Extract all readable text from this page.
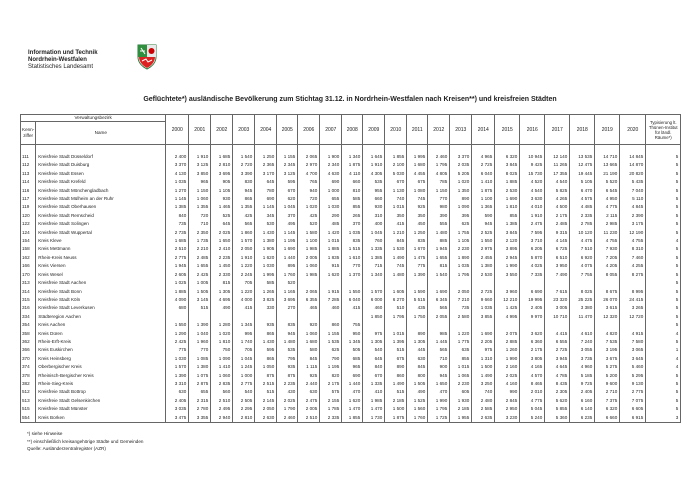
Information und Technik
Nordrhein-Westfalen
Statistisches Landesamt
Geflüchtete*) ausländische Bevölkerung zum Stichtag 31.12. in Nordrhein-Westfalen nach Kreisen**) und kreisfreien Städten
Verwaltungsbezirk		2000	2001	2002	2003	2004	2005	2006	2007	2008	2009	2010	2011	2012	2013	2014	2015	2016	2017	2018	2019	2020	Typisierung lt. Thünen-Institut für ländl. Räume*)
Kenn-
ziffer	Name																						

111	Kreisfreie Stadt Düsseldorf	2 400	1 910	1 685	1 540	1 250	1 155	2 065	1 900	1 340	1 645	1 855	1 995	2 460	3 370	4 965	6 320	10 945	12 140	13 535	14 710	14 845	5
112	Kreisfreie Stadt Duisburg	3 370	3 125	2 810	2 720	2 365	2 345	2 970	2 340	1 875	1 910	2 100	1 680	1 795	2 035	2 725	3 845	9 425	11 265	12 475	13 665	14 870	5
113	Kreisfreie Stadt Essen	4 130	3 850	3 695	3 390	3 170	3 125	4 700	4 630	4 110	4 305	5 030	4 455	4 805	5 205	6 040	8 025	15 730	17 355	19 445	21 190	20 820	5
114	Kreisfreie Stadt Krefeld	1 035	965	905	830	645	595	765	690	660	535	670	675	785	1 020	1 410	1 885	4 520	4 540	5 105	5 520	5 435	5
116	Kreisfreie Stadt Mönchengladbach	1 270	1 150	1 105	945	780	670	940	1 000	810	955	1 130	1 080	1 150	1 350	1 875	2 530	4 540	5 825	6 470	6 545	7 040	5
117	Kreisfreie Stadt Mülheim an der Ruhr	1 145	1 060	930	865	690	620	720	655	585	660	740	745	770	890	1 100	1 690	3 630	4 265	4 575	4 950	5 110	5
119	Kreisfreie Stadt Oberhausen	1 385	1 355	1 465	1 355	1 145	1 045	1 020	1 030	855	930	1 015	925	980	1 090	1 365	1 810	4 010	4 500	4 485	4 775	4 845	5
120	Kreisfreie Stadt Remscheid	840	720	525	425	345	370	425	290	265	310	350	350	390	395	590	855	1 910	2 175	2 335	2 115	2 390	5
122	Kreisfreie Stadt Solingen	735	710	645	565	530	495	520	485	370	400	415	450	555	625	945	1 385	2 475	2 485	2 785	2 985	3 175	5
124	Kreisfreie Stadt Wuppertal	2 735	2 350	2 025	1 860	1 430	1 145	1 580	1 420	1 035	1 045	1 210	1 250	1 480	1 755	2 525	3 845	7 595	9 315	10 120	11 230	12 190	5
154	Kreis Kleve	1 685	1 735	1 650	1 570	1 380	1 195	1 100	1 015	835	760	845	835	885	1 105	1 550	2 120	3 710	4 145	4 475	4 755	4 755	4
158	Kreis Mettmann	2 510	2 210	2 410	2 050	1 905	1 690	1 985	1 885	1 515	1 335	1 530	1 670	1 945	2 230	2 975	3 895	6 205	6 725	7 510	7 930	8 310	5
162	Rhein-Kreis Neuss	2 775	2 485	2 235	1 910	1 620	1 440	2 005	1 835	1 610	1 385	1 490	1 475	1 655	1 890	2 455	2 945	5 870	6 510	6 920	7 205	7 460	5
166	Kreis Viersen	1 945	1 655	1 450	1 220	1 030	895	1 060	915	770	715	745	775	815	1 035	1 380	1 990	4 025	3 950	4 075	4 205	4 255	5
170	Kreis Wesel	2 605	2 425	2 330	2 245	1 995	1 760	1 985	1 620	1 370	1 340	1 480	1 390	1 540	1 795	2 530	3 550	7 335	7 490	7 755	8 055	8 275	5
313	Kreisfreie Stadt Aachen	1 025	1 005	815	705	585	520																5
314	Kreisfreie Stadt Bonn	1 885	1 505	1 305	1 220	1 265	1 165	2 065	1 915	1 550	1 570	1 605	1 590	1 690	2 050	2 725	3 960	6 690	7 615	8 025	8 675	8 995	5
315	Kreisfreie Stadt Köln	4 090	3 145	4 695	4 000	3 825	3 695	6 355	7 285	6 040	6 000	6 270	5 515	6 345	7 210	9 660	12 210	19 995	23 320	25 225	26 070	24 415	5
316	Kreisfreie Stadt Leverkusen	680	515	490	415	330	270	465	460	415	460	510	435	565	735	1 035	1 425	2 405	3 005	3 380	3 615	3 265	5
334	Städteregion Aachen										1 850	1 795	1 750	2 055	2 580	3 855	4 995	9 970	10 710	11 470	12 320	12 720	5
354	Kreis Aachen	1 550	1 390	1 280	1 345	935	835	920	860	755													5
358	Kreis Düren	1 290	1 040	1 020	995	865	945	1 060	1 155	950	975	1 015	890	985	1 220	1 690	2 075	3 620	4 415	4 610	4 820	4 915	4
362	Rhein-Erft-Kreis	2 425	1 960	1 810	1 740	1 430	1 480	1 680	1 535	1 345	1 305	1 395	1 305	1 445	1 775	2 205	2 885	6 360	6 555	7 240	7 535	7 580	5
366	Kreis Euskirchen	775	770	750	705	595	535	580	625	505	540	515	445	565	635	975	1 260	2 175	2 725	3 055	3 195	3 065	1
370	Kreis Heinsberg	1 030	1 085	1 090	1 045	865	795	845	790	685	645	675	630	710	855	1 310	1 990	3 805	3 945	3 735	3 675	3 645	4
374	Oberbergischer Kreis	1 570	1 380	1 410	1 245	1 050	935	1 115	1 195	965	840	890	845	900	1 015	1 500	2 160	4 165	4 645	4 960	5 275	5 460	4
378	Rheinisch-Bergischer Kreis	1 390	1 075	1 060	1 000	875	875	925	820	690	670	860	800	945	1 065	1 490	2 025	4 570	4 785	5 185	5 200	5 295	5
382	Rhein-Sieg-Kreis	3 310	2 875	2 835	2 775	2 515	2 235	2 440	2 175	1 440	1 335	1 490	1 505	1 650	2 230	3 250	4 160	8 465	8 435	9 725	9 600	9 130	5
512	Kreisfreie Stadt Bottrop	630	655	560	540	515	430	630	575	470	410	515	490	470	605	740	990	2 010	2 305	2 405	2 710	2 775	5
513	Kreisfreie Stadt Gelsenkirchen	2 405	2 315	2 510	2 505	2 145	2 025	2 475	2 155	1 620	1 985	2 185	1 525	1 990	1 930	2 480	2 845	4 775	5 620	6 160	7 375	7 075	5
515	Kreisfreie Stadt Münster	3 035	2 780	2 495	2 295	2 050	1 790	2 005	1 785	1 470	1 470	1 500	1 560	1 795	2 185	2 585	2 950	5 045	5 855	6 140	6 320	6 605	5
554	Kreis Borken	3 475	3 355	2 940	2 810	2 630	2 460	2 510	2 335	1 855	1 730	1 875	1 760	1 725	1 955	2 635	3 230	5 240	5 360	6 235	6 660	6 915	3
*) siehe Hinweise
**) einschließlich kreisangehörige Städte und Gemeinden
Quelle: Ausländerzentralregister (AZR)
